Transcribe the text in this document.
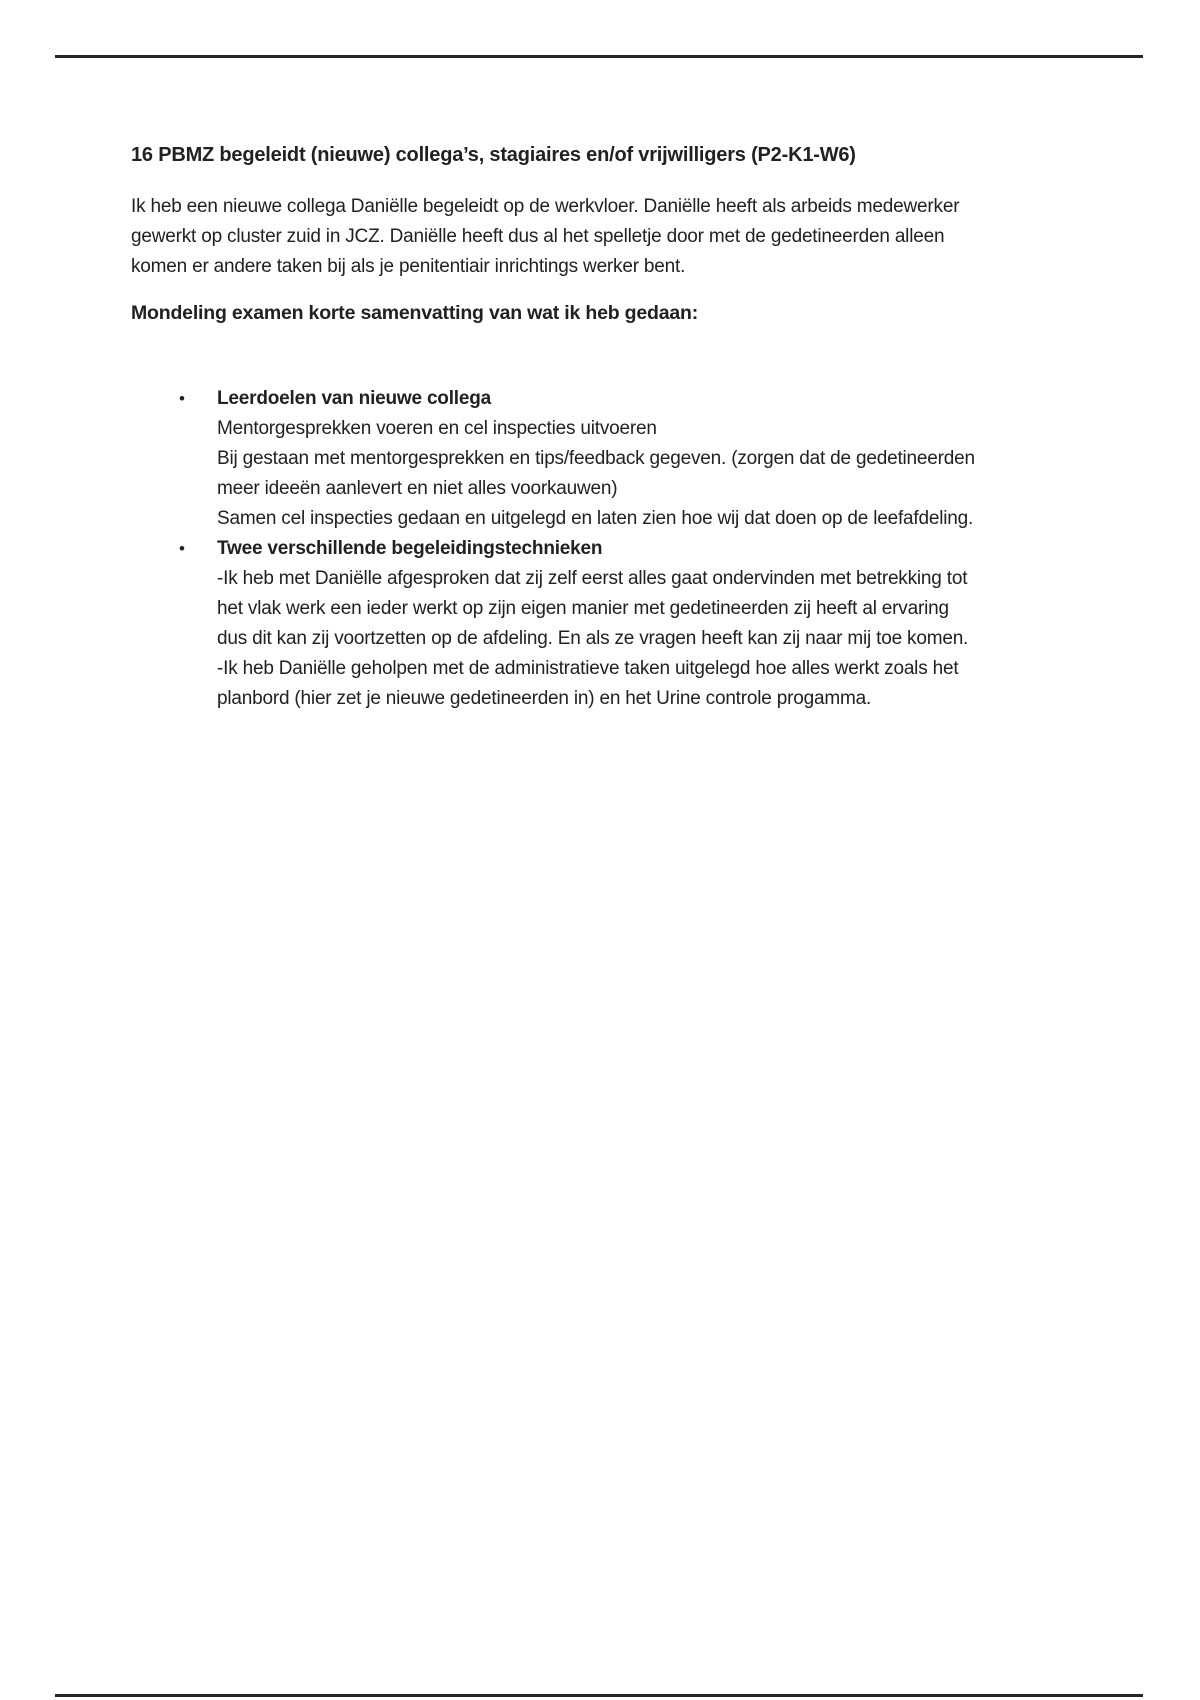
16 PBMZ begeleidt (nieuwe) collega’s, stagiaires en/of vrijwilligers (P2-K1-W6)

Ik heb een nieuwe collega Daniëlle begeleidt op de werkvloer. Daniëlle heeft als arbeids medewerker
gewerkt op cluster zuid in JCZ. Daniëlle heeft dus al het spelletje door met de gedetineerden alleen
komen er andere taken bij als je penitentiair inrichtings werker bent.

Mondeling examen korte samenvatting van wat ik heb gedaan:
•	Leerdoelen van nieuwe collega
Mentorgesprekken voeren en cel inspecties uitvoeren
Bij gestaan met mentorgesprekken en tips/feedback gegeven. (zorgen dat de gedetineerden
meer ideeën aanlevert en niet alles voorkauwen)
Samen cel inspecties gedaan en uitgelegd en laten zien hoe wij dat doen op de leefafdeling.
•	Twee verschillende begeleidingstechnieken
-Ik heb met Daniëlle afgesproken dat zij zelf eerst alles gaat ondervinden met betrekking tot
het vlak werk een ieder werkt op zijn eigen manier met gedetineerden zij heeft al ervaring
dus dit kan zij voortzetten op de afdeling. En als ze vragen heeft kan zij naar mij toe komen.
-Ik heb Daniëlle geholpen met de administratieve taken uitgelegd hoe alles werkt zoals het
planbord (hier zet je nieuwe gedetineerden in) en het Urine controle progamma.
